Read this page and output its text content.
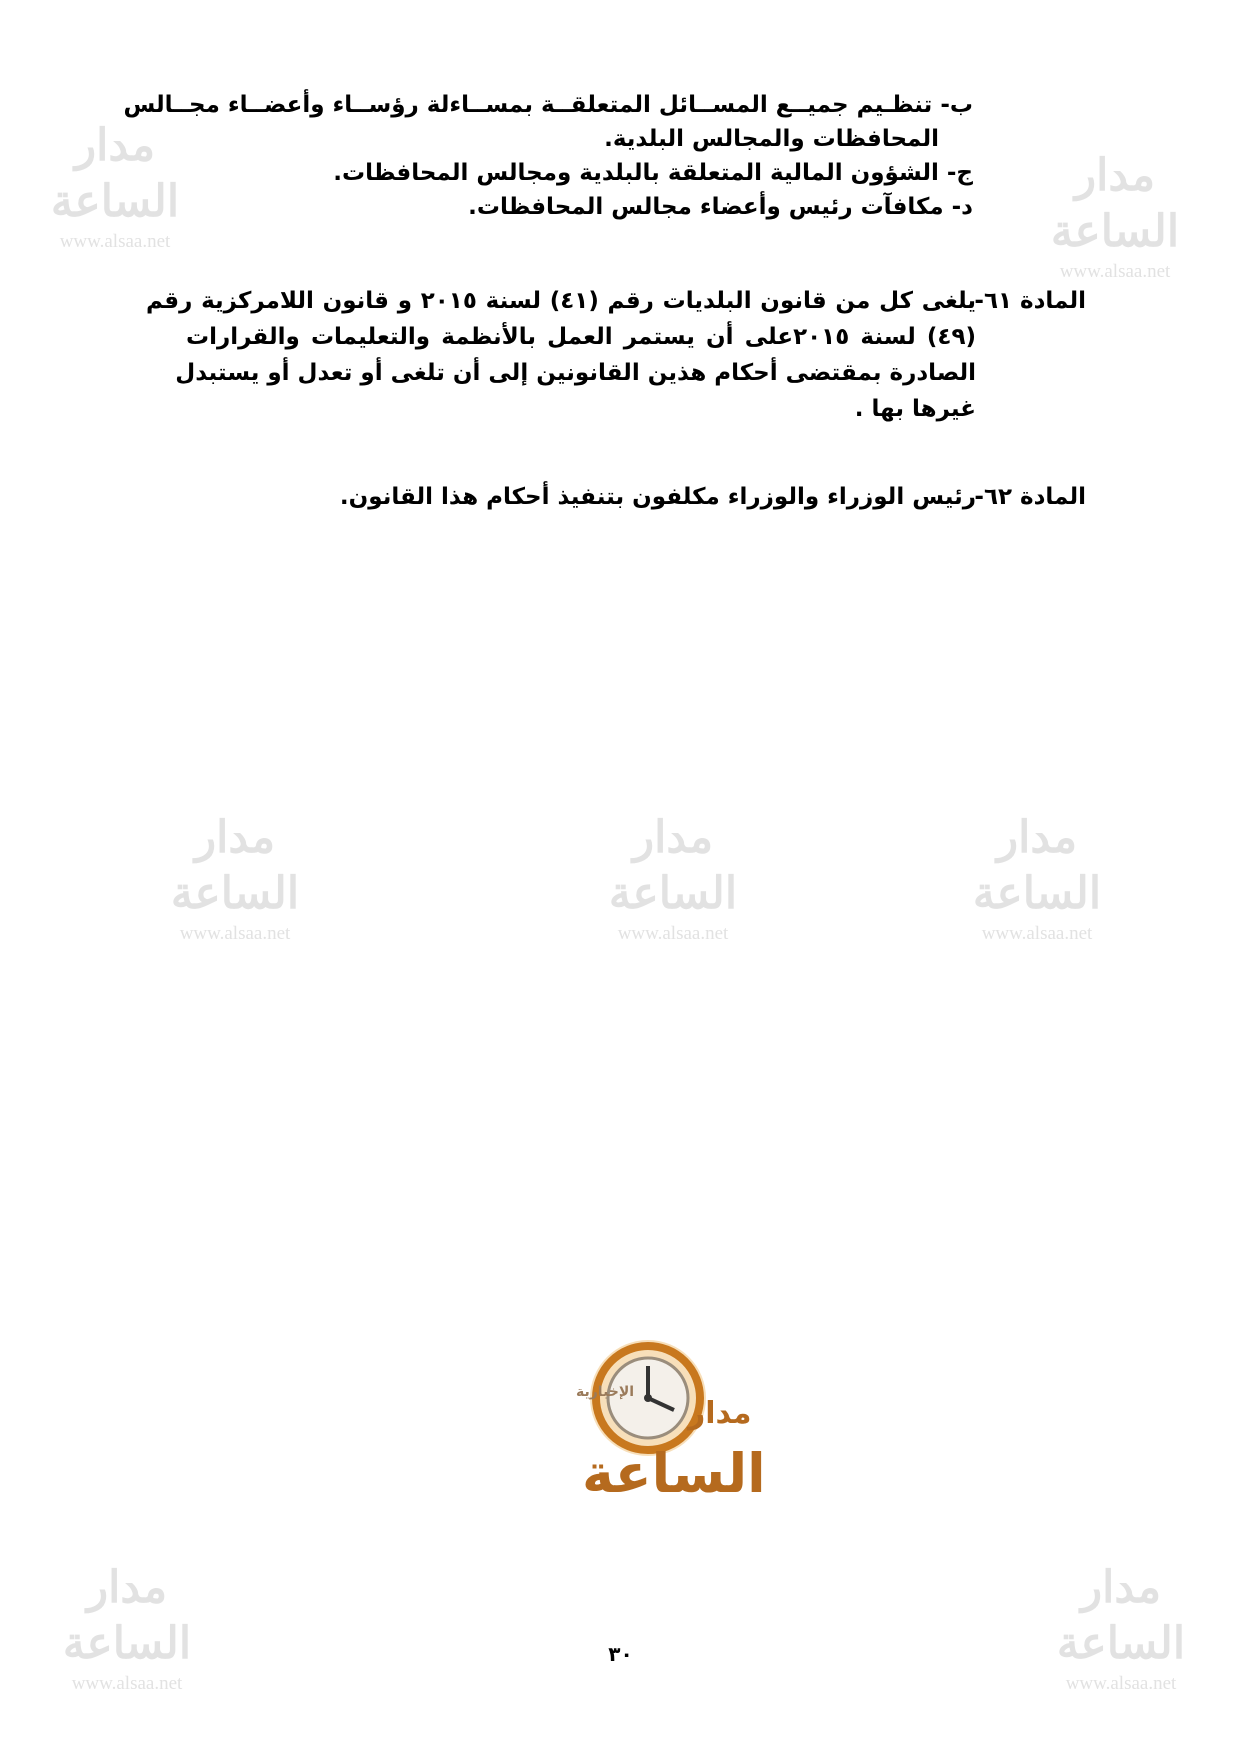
مدار الساعة
www.alsaa.net
مدار الساعة
www.alsaa.net
مدار الساعة
www.alsaa.net
مدار الساعة
www.alsaa.net
مدار الساعة
www.alsaa.net
مدار الساعة
www.alsaa.net
مدار الساعة
www.alsaa.net
ب- تنظـيم جميــع المســائل المتعلقــة بمســاءلة رؤســاء وأعضــاء مجــالس
المحافظات والمجالس البلدية.
ج- الشؤون المالية المتعلقة بالبلدية ومجالس المحافظات.
د- مكافآت رئيس وأعضاء مجالس المحافظات.
المادة ٦١-
يلغى كل من قانون البلديات رقم (٤١) لسنة ٢٠١٥ و قانون اللامركزية رقم
(٤٩) لسنة ٢٠١٥على أن يستمر العمل بالأنظمة والتعليمات والقرارات
الصادرة بمقتضى أحكام هذين القانونين إلى أن تلغى أو تعدل أو يستبدل
غيرها بها .
المادة ٦٢-
رئيس الوزراء والوزراء مكلفون بتنفيذ أحكام هذا القانون.
مدار
الإخبارية
الساعة
٣٠
